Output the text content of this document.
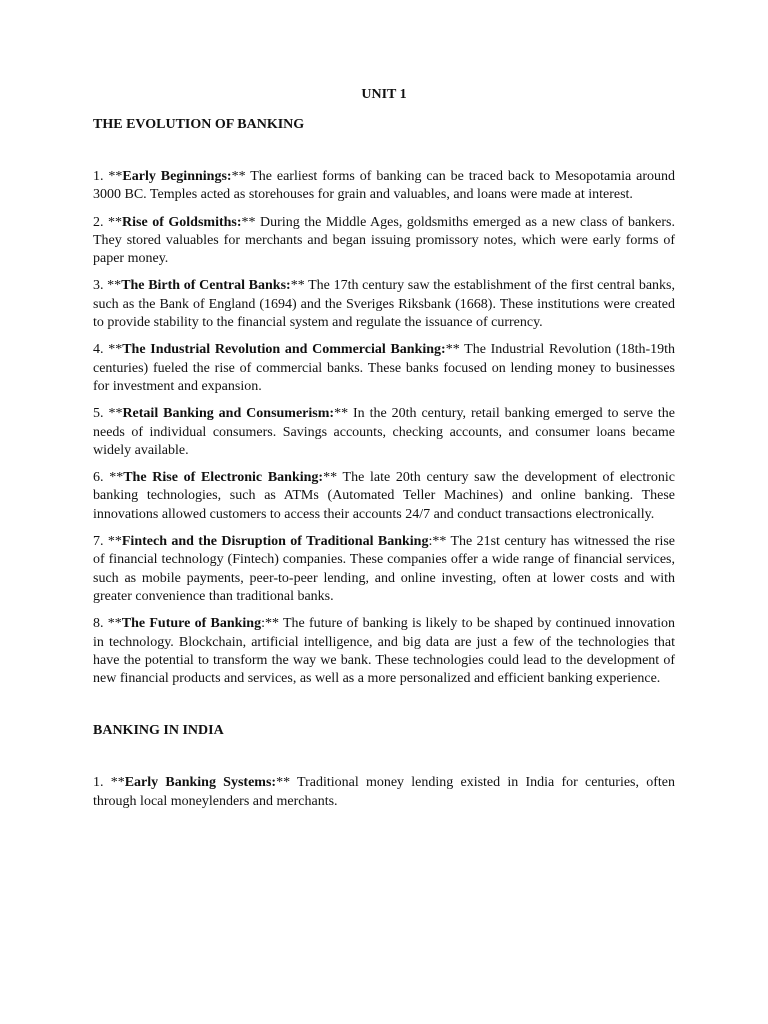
UNIT 1
THE EVOLUTION OF BANKING

1. **Early Beginnings:** The earliest forms of banking can be traced back to Mesopotamia around 3000 BC. Temples acted as storehouses for grain and valuables, and loans were made at interest.

2. **Rise of Goldsmiths:** During the Middle Ages, goldsmiths emerged as a new class of bankers. They stored valuables for merchants and began issuing promissory notes, which were early forms of paper money.

3. **The Birth of Central Banks:** The 17th century saw the establishment of the first central banks, such as the Bank of England (1694) and the Sveriges Riksbank (1668). These institutions were created to provide stability to the financial system and regulate the issuance of currency.

4. **The Industrial Revolution and Commercial Banking:** The Industrial Revolution (18th-19th centuries) fueled the rise of commercial banks. These banks focused on lending money to businesses for investment and expansion.

5. **Retail Banking and Consumerism:** In the 20th century, retail banking emerged to serve the needs of individual consumers. Savings accounts, checking accounts, and consumer loans became widely available.

6. **The Rise of Electronic Banking:** The late 20th century saw the development of electronic banking technologies, such as ATMs (Automated Teller Machines) and online banking. These innovations allowed customers to access their accounts 24/7 and conduct transactions electronically.

7. **Fintech and the Disruption of Traditional Banking:** The 21st century has witnessed the rise of financial technology (Fintech) companies. These companies offer a wide range of financial services, such as mobile payments, peer-to-peer lending, and online investing, often at lower costs and with greater convenience than traditional banks.

8. **The Future of Banking:** The future of banking is likely to be shaped by continued innovation in technology. Blockchain, artificial intelligence, and big data are just a few of the technologies that have the potential to transform the way we bank. These technologies could lead to the development of new financial products and services, as well as a more personalized and efficient banking experience.

BANKING IN INDIA

1. **Early Banking Systems:** Traditional money lending existed in India for centuries, often through local moneylenders and merchants.
